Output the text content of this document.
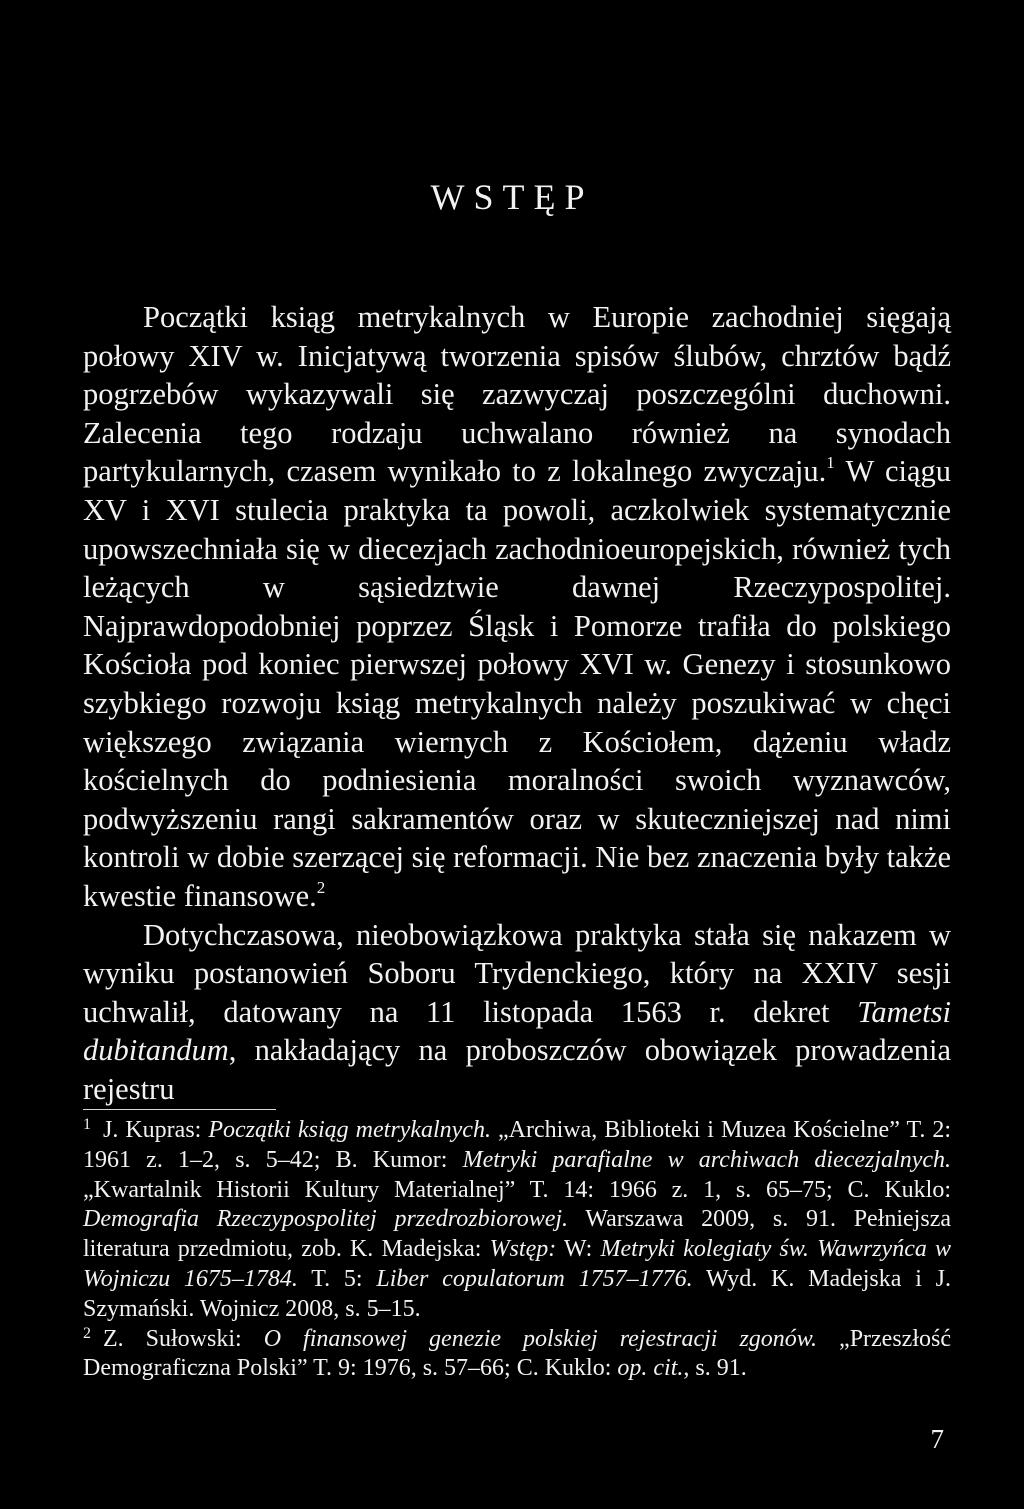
WSTĘP

Początki ksiąg metrykalnych w Europie zachodniej sięgają połowy XIV w. Inicjatywą tworzenia spisów ślubów, chrztów bądź pogrzebów wykazywali się zazwyczaj poszczególni duchowni. Zalecenia tego rodzaju uchwalano również na synodach partykularnych, czasem wynikało to z lokalnego zwyczaju.$^1$ W ciągu XV i XVI stulecia praktyka ta powoli, aczkolwiek systematycznie upowszechniała się w diecezjach zachodnioeuropejskich, również tych leżących w sąsiedztwie dawnej Rzeczypospolitej. Najprawdopodobniej poprzez Śląsk i Pomorze trafiła do polskiego Kościoła pod koniec pierwszej połowy XVI w. Genezy i stosunkowo szybkiego rozwoju ksiąg metrykalnych należy poszukiwać w chęci większego związania wiernych z Kościołem, dążeniu władz kościelnych do podniesienia moralności swoich wyznawców, podwyższeniu rangi sakramentów oraz w skuteczniejszej nad nimi kontroli w dobie szerzącej się reformacji. Nie bez znaczenia były także kwestie finansowe.$^2$

Dotychczasowa, nieobowiązkowa praktyka stała się nakazem w wyniku postanowień Soboru Trydenckiego, który na XXIV sesji uchwalił, datowany na 11 listopada 1563 r. dekret Tametsi dubitandum, nakładający na proboszczów obowiązek prowadzenia rejestru

1 J. Kupras: Początki ksiąg metrykalnych. „Archiwa, Biblioteki i Muzea Kościelne” T. 2: 1961 z. 1–2, s. 5–42; B. Kumor: Metryki parafialne w archiwach diecezjalnych. „Kwartalnik Historii Kultury Materialnej” T. 14: 1966 z. 1, s. 65–75; C. Kuklo: Demografia Rzeczypospolitej przedrozbiorowej. Warszawa 2009, s. 91. Pełniejsza literatura przedmiotu, zob. K. Madejska: Wstęp: W: Metryki kolegiaty św. Wawrzyńca w Wojniczu 1675–1784. T. 5: Liber copulatorum 1757–1776. Wyd. K. Madejska i J. Szymański. Wojnicz 2008, s. 5–15.

2 Z. Sułowski: O finansowej genezie polskiej rejestracji zgonów. „Przeszłość Demograficzna Polski” T. 9: 1976, s. 57–66; C. Kuklo: op. cit., s. 91.

7
